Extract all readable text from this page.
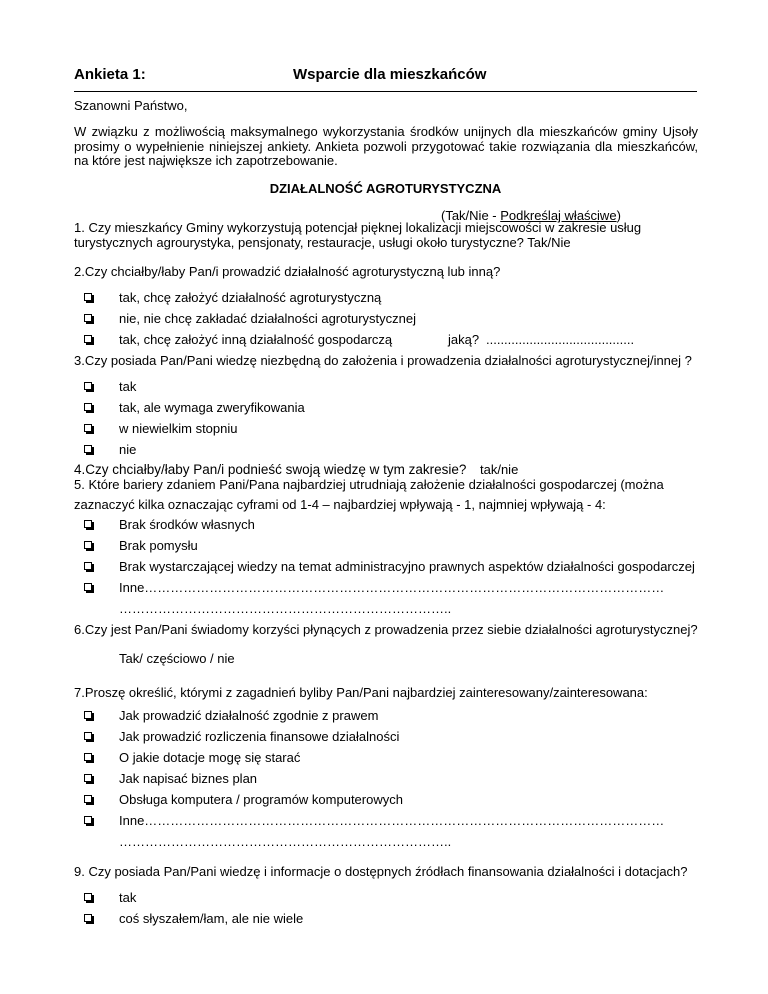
Ankieta 1:	Wsparcie dla mieszkańców
Szanowni Państwo,
W związku z możliwością maksymalnego wykorzystania środków unijnych dla mieszkańców gminy Ujsoły prosimy o wypełnienie niniejszej ankiety. Ankieta pozwoli przygotować takie rozwiązania dla mieszkańców, na które jest największe ich zapotrzebowanie.
DZIAŁALNOŚĆ AGROTURYSTYCZNA
(Tak/Nie - Podkreślaj właściwe)
1. Czy mieszkańcy Gminy wykorzystują potencjał pięknej lokalizacji miejscowości w zakresie usług turystycznych agrourystyka, pensjonaty, restauracje, usługi około turystyczne? Tak/Nie
2.Czy chciałby/łaby Pan/i prowadzić działalność agroturystyczną lub inną?
tak, chcę założyć działalność agroturystyczną
nie, nie chcę zakładać działalności agroturystycznej
tak, chcę założyć inną działalność gospodarczą	jaką? .........................................
3.Czy posiada Pan/Pani wiedzę niezbędną do założenia i prowadzenia działalności agroturystycznej/innej ?
tak
tak, ale wymaga zweryfikowania
w niewielkim stopniu
nie
4.Czy chciałby/łaby Pan/i podnieść swoją wiedzę w tym zakresie? tak/nie
5. Które bariery zdaniem Pani/Pana najbardziej utrudniają założenie działalności gospodarczej (można
zaznaczyć kilka oznaczając cyframi od 1-4 – najbardziej wpływają - 1, najmniej wpływają - 4:
Brak środków własnych
Brak pomysłu
Brak wystarczającej wiedzy na temat administracyjno prawnych aspektów działalności gospodarczej
Inne…………………………………………………………………………………………………………
…………………………………………………………………..
6.Czy jest Pan/Pani świadomy korzyści płynących z prowadzenia przez siebie działalności agroturystycznej?
Tak/ częściowo / nie
7.Proszę określić, którymi z zagadnień byliby Pan/Pani najbardziej zainteresowany/zainteresowana:
Jak prowadzić działalność zgodnie z prawem
Jak prowadzić rozliczenia finansowe działalności
O jakie dotacje mogę się starać
Jak napisać biznes plan
Obsługa komputera / programów komputerowych
Inne…………………………………………………………………………………………………………
…………………………………………………………………..
9. Czy posiada Pan/Pani wiedzę i informacje o dostępnych źródłach finansowania działalności i dotacjach?
tak
coś słyszałem/łam, ale nie wiele
